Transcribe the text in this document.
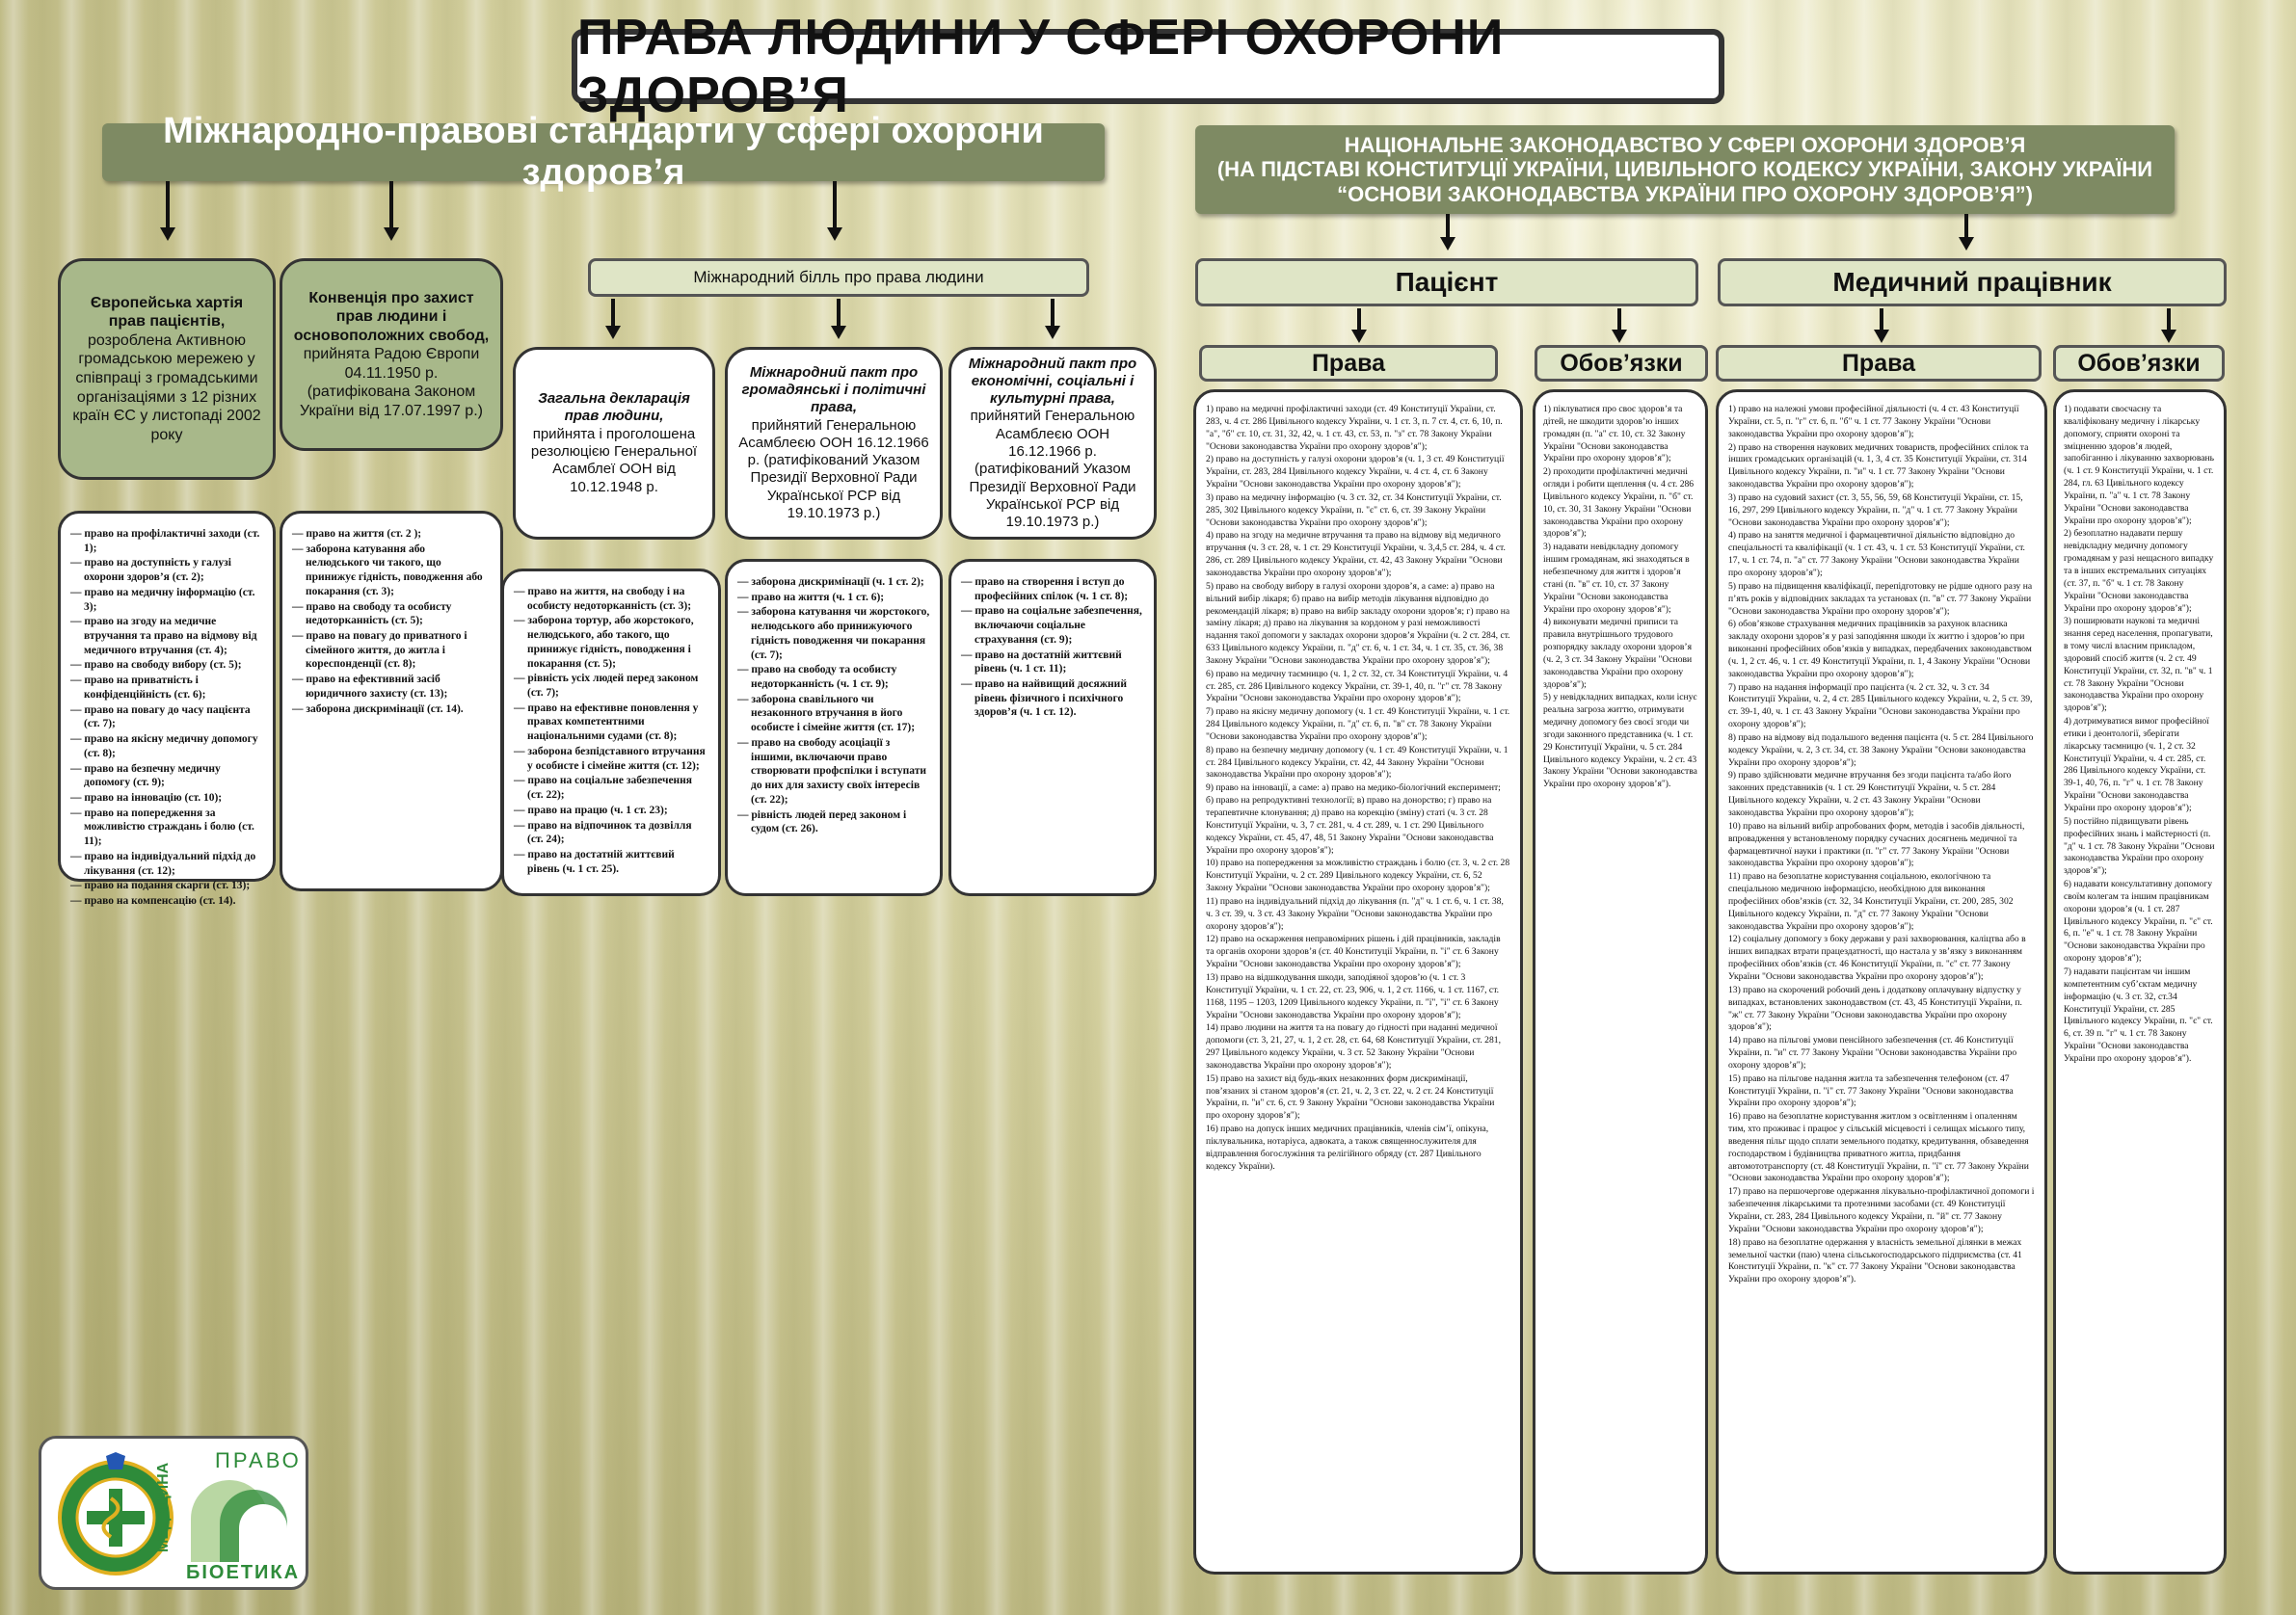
ПРАВА ЛЮДИНИ У СФЕРІ ОХОРОНИ ЗДОРОВ’Я
Міжнародно-правові стандарти у сфері охорони здоров’я
НАЦІОНАЛЬНЕ ЗАКОНОДАВСТВО У СФЕРІ ОХОРОНИ ЗДОРОВ’Я
(НА ПІДСТАВІ КОНСТИТУЦІЇ УКРАЇНИ, ЦИВІЛЬНОГО КОДЕКСУ УКРАЇНИ, ЗАКОНУ УКРАЇНИ
“ОСНОВИ ЗАКОНОДАВСТВА УКРАЇНИ ПРО ОХОРОНУ ЗДОРОВ’Я”)
Європейська хартія прав пацієнтів,
розроблена Активною громадською мережею у співпраці з громадськими організаціями з 12 різних країн ЄС у листопаді 2002 року
Конвенція про захист прав людини і основоположних свобод,
прийнята Радою Європи 04.11.1950 р. (ратифікована Законом України від 17.07.1997 р.)
Міжнародний білль про права людини
Загальна декларація прав людини,
прийнята і проголошена резолюцією Генеральної Асамблеї ООН від 10.12.1948 р.
Міжнародний пакт про громадянські і політичні права,
прийнятий Генеральною Асамблеєю ООН 16.12.1966 р. (ратифікований Указом Президії Верховної Ради Української РСР від 19.10.1973 р.)
Міжнародний пакт про економічні, соціальні і культурні права,
прийнятий Генеральною Асамблеєю ООН 16.12.1966 р. (ратифікований Указом Президії Верховної Ради Української РСР від 19.10.1973 р.)
— право на профілактичні заходи (ст. 1);
— право на доступність у галузі охорони здоров’я (ст. 2);
— право на медичну інформацію (ст. 3);
— право на згоду на медичне втручання та право на відмову від медичного втручання (ст. 4);
— право на свободу вибору (ст. 5);
— право на приватність і конфіденційність (ст. 6);
— право на повагу до часу пацієнта (ст. 7);
— право на якісну медичну допомогу (ст. 8);
— право на безпечну медичну допомогу (ст. 9);
— право на інновацію (ст. 10);
— право на попередження за можливістю страждань і болю (ст. 11);
— право на індивідуальний підхід до лікування (ст. 12);
— право на подання скарги (ст. 13);
— право на компенсацію (ст. 14).
— право на життя (ст. 2 );
— заборона катування або нелюдського чи такого, що принижує гідність, поводження або покарання (ст. 3);
— право на свободу та особисту недоторканність (ст. 5);
— право на повагу до приватного і сімейного життя, до житла і кореспонденції (ст. 8);
— право на ефективний засіб юридичного захисту (ст. 13);
— заборона дискримінації (ст. 14).
— право на життя, на свободу і на особисту недоторканність (ст. 3);
— заборона тортур, або жорстокого, нелюдського, або такого, що принижує гідність, поводження і покарання (ст. 5);
— рівність усіх людей перед законом (ст. 7);
— право на ефективне поновлення у правах компетентними національними судами (ст. 8);
— заборона безпідставного втручання у особисте і сімейне життя (ст. 12);
— право на соціальне забезпечення (ст. 22);
— право на працю (ч. 1 ст. 23);
— право на відпочинок та дозвілля (ст. 24);
— право на достатній життєвий рівень (ч. 1 ст. 25).
— заборона дискримінації (ч. 1 ст. 2);
— право на життя (ч. 1 ст. 6);
— заборона катування чи жорстокого, нелюдського або принижуючого гідність поводження чи покарання (ст. 7);
— право на свободу та особисту недоторканність (ч. 1 ст. 9);
— заборона свавільного чи незаконного втручання в його особисте і сімейне життя (ст. 17);
— право на свободу асоціації з іншими, включаючи право створювати профспілки і вступати до них для захисту своїх інтересів (ст. 22);
— рівність людей перед законом і судом (ст. 26).
— право на створення і вступ до професійних спілок (ч. 1 ст. 8);
— право на соціальне забезпечення, включаючи соціальне страхування (ст. 9);
— право на достатній життєвий рівень (ч. 1 ст. 11);
— право на найвищий досяжний рівень фізичного і психічного здоров’я (ч. 1 ст. 12).
Пацієнт	Медичний працівник
Права	Обов’язки	Права	Обов’язки
1) право на медичні профілактичні заходи (ст. 49 Конституції України, ст. 283, ч. 4 ст. 286 Цивільного кодексу України, ч. 1 ст. 3, п. 7 ст. 4, ст. 6, 10, п. "а", "б" ст. 10, ст. 31, 32, 42, ч. 1 ст. 43, ст. 53, п. "з" ст. 78 Закону України "Основи законодавства України про охорону здоров’я");
2) право на доступність у галузі охорони здоров’я (ч. 1, 3 ст. 49 Конституції України, ст. 283, 284 Цивільного кодексу України, ч. 4 ст. 4, ст. 6 Закону України "Основи законодавства України про охорону здоров’я");
3) право на медичну інформацію (ч. 3 ст. 32, ст. 34 Конституції України, ст. 285, 302 Цивільного кодексу України, п. "є" ст. 6, ст. 39 Закону України "Основи законодавства України про охорону здоров’я");
4) право на згоду на медичне втручання та право на відмову від медичного втручання (ч. 3 ст. 28, ч. 1 ст. 29 Конституції України, ч. 3,4,5 ст. 284, ч. 4 ст. 286, ст. 289 Цивільного кодексу України, ст. 42, 43 Закону України "Основи законодавства України про охорону здоров’я");
5) право на свободу вибору в галузі охорони здоров’я, а саме: а) право на вільний вибір лікаря; б) право на вибір методів лікування відповідно до рекомендацій лікаря; в) право на вибір закладу охорони здоров’я; г) право на заміну лікаря; д) право на лікування за кордоном у разі неможливості надання такої допомоги у закладах охорони здоров’я України (ч. 2 ст. 284, ст. 633 Цивільного кодексу України, п. "д" ст. 6, ч. 1 ст. 34, ч. 1 ст. 35, ст. 36, 38 Закону України "Основи законодавства України про охорону здоров’я");
6) право на медичну таємницю (ч. 1, 2 ст. 32, ст. 34 Конституції України, ч. 4 ст. 285, ст. 286 Цивільного кодексу України, ст. 39-1, 40, п. "г" ст. 78 Закону України "Основи законодавства України про охорону здоров’я");
7) право на якісну медичну допомогу (ч. 1 ст. 49 Конституції України, ч. 1 ст. 284 Цивільного кодексу України, п. "д" ст. 6, п. "в" ст. 78 Закону України "Основи законодавства України про охорону здоров’я");
8) право на безпечну медичну допомогу (ч. 1 ст. 49 Конституції України, ч. 1 ст. 284 Цивільного кодексу України, ст. 42, 44 Закону України "Основи законодавства України про охорону здоров’я");
9) право на інновації, а саме: а) право на медико-біологічний експеримент; б) право на репродуктивні технології; в) право на донорство; г) право на терапевтичне клонування; д) право на корекцію (зміну) статі (ч. 3 ст. 28 Конституції України, ч. 3, 7 ст. 281, ч. 4 ст. 289, ч. 1 ст. 290 Цивільного кодексу України, ст. 45, 47, 48, 51 Закону України "Основи законодавства України про охорону здоров’я");
10) право на попередження за можливістю страждань і болю (ст. 3, ч. 2 ст. 28 Конституції України, ч. 2 ст. 289 Цивільного кодексу України, ст. 6, 52 Закону України "Основи законодавства України про охорону здоров’я");
11) право на індивідуальний підхід до лікування (п. "д" ч. 1 ст. 6, ч. 1 ст. 38, ч. 3 ст. 39, ч. 3 ст. 43 Закону України "Основи законодавства України про охорону здоров’я");
12) право на оскарження неправомірних рішень і дій працівників, закладів та органів охорони здоров’я (ст. 40 Конституції України, п. "і" ст. 6 Закону України "Основи законодавства України про охорону здоров’я");
13) право на відшкодування шкоди, заподіяної здоров’ю (ч. 1 ст. 3 Конституції України, ч. 1 ст. 22, ст. 23, 906, ч. 1, 2 ст. 1166, ч. 1 ст. 1167, ст. 1168, 1195 – 1203, 1209 Цивільного кодексу України, п. "ї", "і" ст. 6 Закону України "Основи законодавства України про охорону здоров’я");
14) право людини на життя та на повагу до гідності при наданні медичної допомоги (ст. 3, 21, 27, ч. 1, 2 ст. 28, ст. 64, 68 Конституції України, ст. 281, 297 Цивільного кодексу України, ч. 3 ст. 52 Закону України "Основи законодавства України про охорону здоров’я");
15) право на захист від будь-яких незаконних форм дискримінації, пов’язаних зі станом здоров’я (ст. 21, ч. 2, 3 ст. 22, ч. 2 ст. 24 Конституції України, п. "и" ст. 6, ст. 9 Закону України "Основи законодавства України про охорону здоров’я");
16) право на допуск інших медичних працівників, членів сім’ї, опікуна, піклувальника, нотаріуса, адвоката, а також священнослужителя для відправлення богослужіння та релігійного обряду (ст. 287 Цивільного кодексу України).
1) піклуватися про своє здоров’я та дітей, не шкодити здоров’ю інших громадян (п. "а" ст. 10, ст. 32 Закону України "Основи законодавства України про охорону здоров’я");
2) проходити профілактичні медичні огляди і робити щеплення (ч. 4 ст. 286 Цивільного кодексу України, п. "б" ст. 10, ст. 30, 31 Закону України "Основи законодавства України про охорону здоров’я");
3) надавати невідкладну допомогу іншим громадянам, які знаходяться в небезпечному для життя і здоров’я стані (п. "в" ст. 10, ст. 37 Закону України "Основи законодавства України про охорону здоров’я");
4) виконувати медичні приписи та правила внутрішнього трудового розпорядку закладу охорони здоров’я (ч. 2, 3 ст. 34 Закону України "Основи законодавства України про охорону здоров’я");
5) у невідкладних випадках, коли існує реальна загроза життю, отримувати медичну допомогу без своєї згоди чи згоди законного представника (ч. 1 ст. 29 Конституції України, ч. 5 ст. 284 Цивільного кодексу України, ч. 2 ст. 43 Закону України "Основи законодавства України про охорону здоров’я").
1) право на належні умови професійної діяльності (ч. 4 ст. 43 Конституції України, ст. 5, п. "г" ст. 6, п. "б" ч. 1 ст. 77 Закону України "Основи законодавства України про охорону здоров’я");
2) право на створення наукових медичних товариств, професійних спілок та інших громадських організацій (ч. 1, 3, 4 ст. 35 Конституції України, ст. 314 Цивільного кодексу України, п. "и" ч. 1 ст. 77 Закону України "Основи законодавства України про охорону здоров’я");
3) право на судовий захист (ст. 3, 55, 56, 59, 68 Конституції України, ст. 15, 16, 297, 299 Цивільного кодексу України, п. "д" ч. 1 ст. 77 Закону України "Основи законодавства України про охорону здоров’я");
4) право на заняття медичної і фармацевтичної діяльністю відповідно до спеціальності та кваліфікації (ч. 1 ст. 43, ч. 1 ст. 53 Конституції України, ст. 17, ч. 1 ст. 74, п. "а" ст. 77 Закону України "Основи законодавства України про охорону здоров’я");
5) право на підвищення кваліфікації, перепідготовку не рідше одного разу на п’ять років у відповідних закладах та установах (п. "в" ст. 77 Закону України "Основи законодавства України про охорону здоров’я");
6) обов’язкове страхування медичних працівників за рахунок власника закладу охорони здоров’я у разі заподіяння шкоди їх життю і здоров’ю при виконанні професійних обов’язків у випадках, передбачених законодавством (ч. 1, 2 ст. 46, ч. 1 ст. 49 Конституції України, п. 1, 4 Закону України "Основи законодавства України про охорону здоров’я");
7) право на надання інформації про пацієнта (ч. 2 ст. 32, ч. 3 ст. 34 Конституції України, ч. 2, 4 ст. 285 Цивільного кодексу України, ч. 2, 5 ст. 39, ст. 39-1, 40, ч. 1 ст. 43 Закону України "Основи законодавства України про охорону здоров’я");
8) право на відмову від подальшого ведення пацієнта (ч. 5 ст. 284 Цивільного кодексу України, ч. 2, 3 ст. 34, ст. 38 Закону України "Основи законодавства України про охорону здоров’я");
9) право здійснювати медичне втручання без згоди пацієнта та/або його законних представників (ч. 1 ст. 29 Конституції України, ч. 5 ст. 284 Цивільного кодексу України, ч. 2 ст. 43 Закону України "Основи законодавства України про охорону здоров’я");
10) право на вільний вибір апробованих форм, методів і засобів діяльності, впровадження у встановленому порядку сучасних досягнень медичної та фармацевтичної науки і практики (п. "г" ст. 77 Закону України "Основи законодавства України про охорону здоров’я");
11) право на безоплатне користування соціальною, екологічною та спеціальною медичною інформацією, необхідною для виконання професійних обов’язків (ст. 32, 34 Конституції України, ст. 200, 285, 302 Цивільного кодексу України, п. "д" ст. 77 Закону України "Основи законодавства України про охорону здоров’я");
12) соціальну допомогу з боку держави у разі захворювання, каліцтва або в інших випадках втрати працездатності, що настала у зв’язку з виконанням професійних обов’язків (ст. 46 Конституції України, п. "є" ст. 77 Закону України "Основи законодавства України про охорону здоров’я");
13) право на скорочений робочий день і додаткову оплачувану відпустку у випадках, встановлених законодавством (ст. 43, 45 Конституції України, п. "ж" ст. 77 Закону України "Основи законодавства України про охорону здоров’я");
14) право на пільгові умови пенсійного забезпечення (ст. 46 Конституції України, п. "и" ст. 77 Закону України "Основи законодавства України про охорону здоров’я");
15) право на пільгове надання житла та забезпечення телефоном (ст. 47 Конституції України, п. "і" ст. 77 Закону України "Основи законодавства України про охорону здоров’я");
16) право на безоплатне користування житлом з освітленням і опаленням тим, хто проживає і працює у сільській місцевості і селищах міського типу, введення пільг щодо сплати земельного податку, кредитування, обзаведення господарством і будівництва приватного житла, придбання автомототранспорту (ст. 48 Конституції України, п. "ї" ст. 77 Закону України "Основи законодавства України про охорону здоров’я");
17) право на першочергове одержання лікувально-профілактичної допомоги і забезпечення лікарськими та протезними засобами (ст. 49 Конституції України, ст. 283, 284 Цивільного кодексу України, п. "й" ст. 77 Закону України "Основи законодавства України про охорону здоров’я");
18) право на безоплатне одержання у власність земельної ділянки в межах земельної частки (паю) члена сільськогосподарського підприємства (ст. 41 Конституції України, п. "к" ст. 77 Закону України "Основи законодавства України про охорону здоров’я").
1) подавати своєчасну та кваліфіковану медичну і лікарську допомогу, сприяти охороні та зміцненню здоров’я людей, запобіганню і лікуванню захворювань (ч. 1 ст. 9 Конституції України, ч. 1 ст. 284, гл. 63 Цивільного кодексу України, п. "а" ч. 1 ст. 78 Закону України "Основи законодавства України про охорону здоров’я");
2) безоплатно надавати першу невідкладну медичну допомогу громадянам у разі нещасного випадку та в інших екстремальних ситуаціях (ст. 37, п. "б" ч. 1 ст. 78 Закону України "Основи законодавства України про охорону здоров’я");
3) поширювати наукові та медичні знання серед населення, пропагувати, в тому числі власним прикладом, здоровий спосіб життя (ч. 2 ст. 49 Конституції України, ст. 32, п. "в" ч. 1 ст. 78 Закону України "Основи законодавства України про охорону здоров’я");
4) дотримуватися вимог професійної етики і деонтології, зберігати лікарську таємницю (ч. 1, 2 ст. 32 Конституції України, ч. 4 ст. 285, ст. 286 Цивільного кодексу України, ст. 39-1, 40, 76, п. "г" ч. 1 ст. 78 Закону України "Основи законодавства України про охорону здоров’я");
5) постійно підвищувати рівень професійних знань і майстерності (п. "д" ч. 1 ст. 78 Закону України "Основи законодавства України про охорону здоров’я");
6) надавати консультативну допомогу своїм колегам та іншим працівникам охорони здоров’я (ч. 1 ст. 287 Цивільного кодексу України, п. "є" ст. 6, п. "е" ч. 1 ст. 78 Закону України "Основи законодавства України про охорону здоров’я");
7) надавати пацієнтам чи іншим компетентним суб’єктам медичну інформацію (ч. 3 ст. 32, ст.34 Конституції України, ст. 285 Цивільного кодексу України, п. "є" ст. 6, ст. 39 п. "г" ч. 1 ст. 78 Закону України "Основи законодавства України про охорону здоров’я").
ПРАВО
МЕДИЦИНА
БІОЕТИКА
